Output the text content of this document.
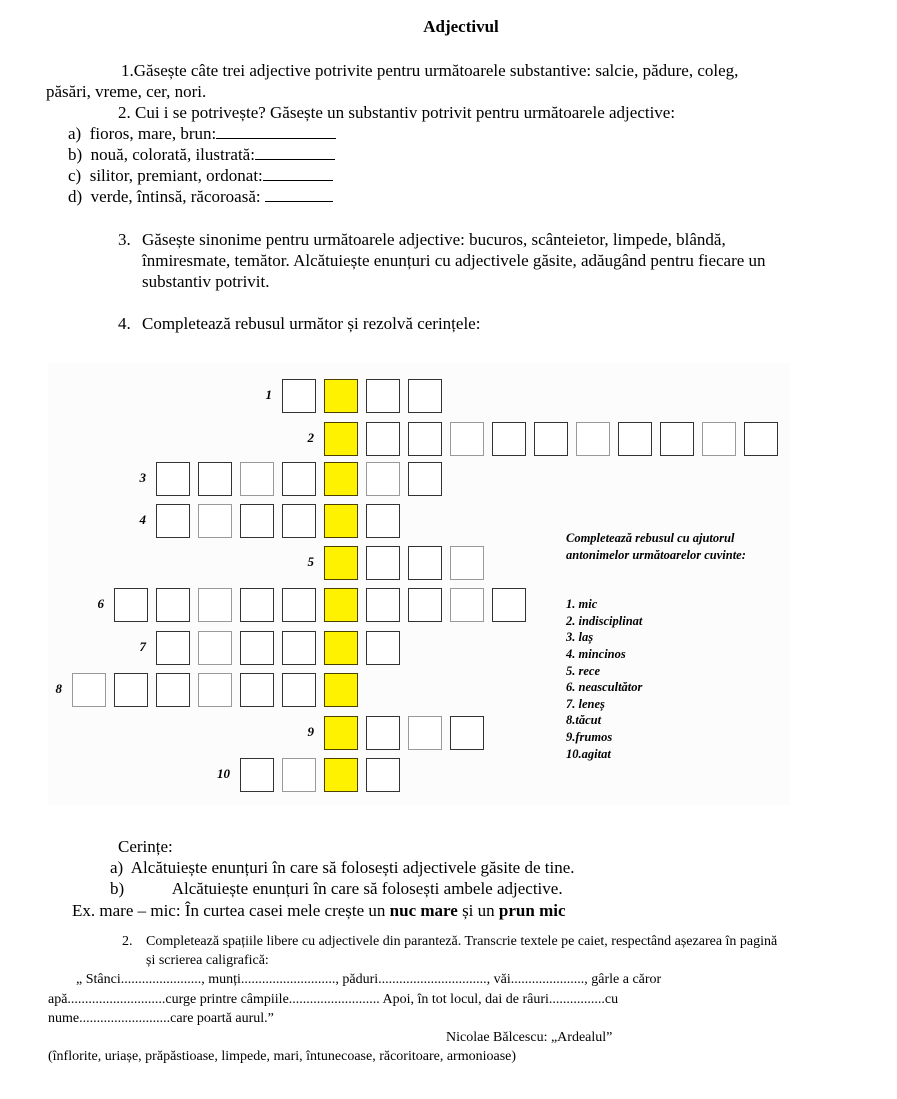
Adjectivul
1.Găsește câte trei adjective potrivite pentru următoarele substantive: salcie, pădure, coleg,
păsări, vreme, cer, nori.
2. Cui i se potrivește? Găsește un substantiv potrivit pentru următoarele adjective:
a) fioros, mare, brun:
b) nouă, colorată, ilustrată:
c) silitor, premiant, ordonat:
d) verde, întinsă, răcoroasă:
3. Găsește sinonime pentru următoarele adjective: bucuros, scânteietor, limpede, blândă,
înmiresmate, temător. Alcătuiește enunțuri cu adjectivele găsite, adăugând pentru fiecare un
substantiv potrivit.
4. Completează rebusul următor și rezolvă cerințele:
1
2
3
4
5
6
7
8
9
10
Completează rebusul cu ajutorul
antonimelor următoarelor cuvinte:
1. mic
2. indisciplinat
3. laș
4. mincinos
5. rece
6. neascultător
7. leneș
8.tăcut
9.frumos
10.agitat
Cerințe:
a) Alcătuiește enunțuri în care să folosești adjectivele găsite de tine.
b)	Alcătuiește enunțuri în care să folosești ambele adjective.
Ex. mare – mic: În curtea casei mele crește un nuc mare și un prun mic
2. Completează spațiile libere cu adjectivele din paranteză. Transcrie textele pe caiet, respectând așezarea în pagină
și scrierea caligrafică:
„ Stânci......................., munți..........................., păduri..............................., văi....................., gârle a căror
apă............................curge printre câmpiile.......................... Apoi, în tot locul, dai de râuri................cu
nume..........................care poartă aurul.”
Nicolae Bălcescu: „Ardealul”
(înflorite, uriașe, prăpăstioase, limpede, mari, întunecoase, răcoritoare, armonioase)
